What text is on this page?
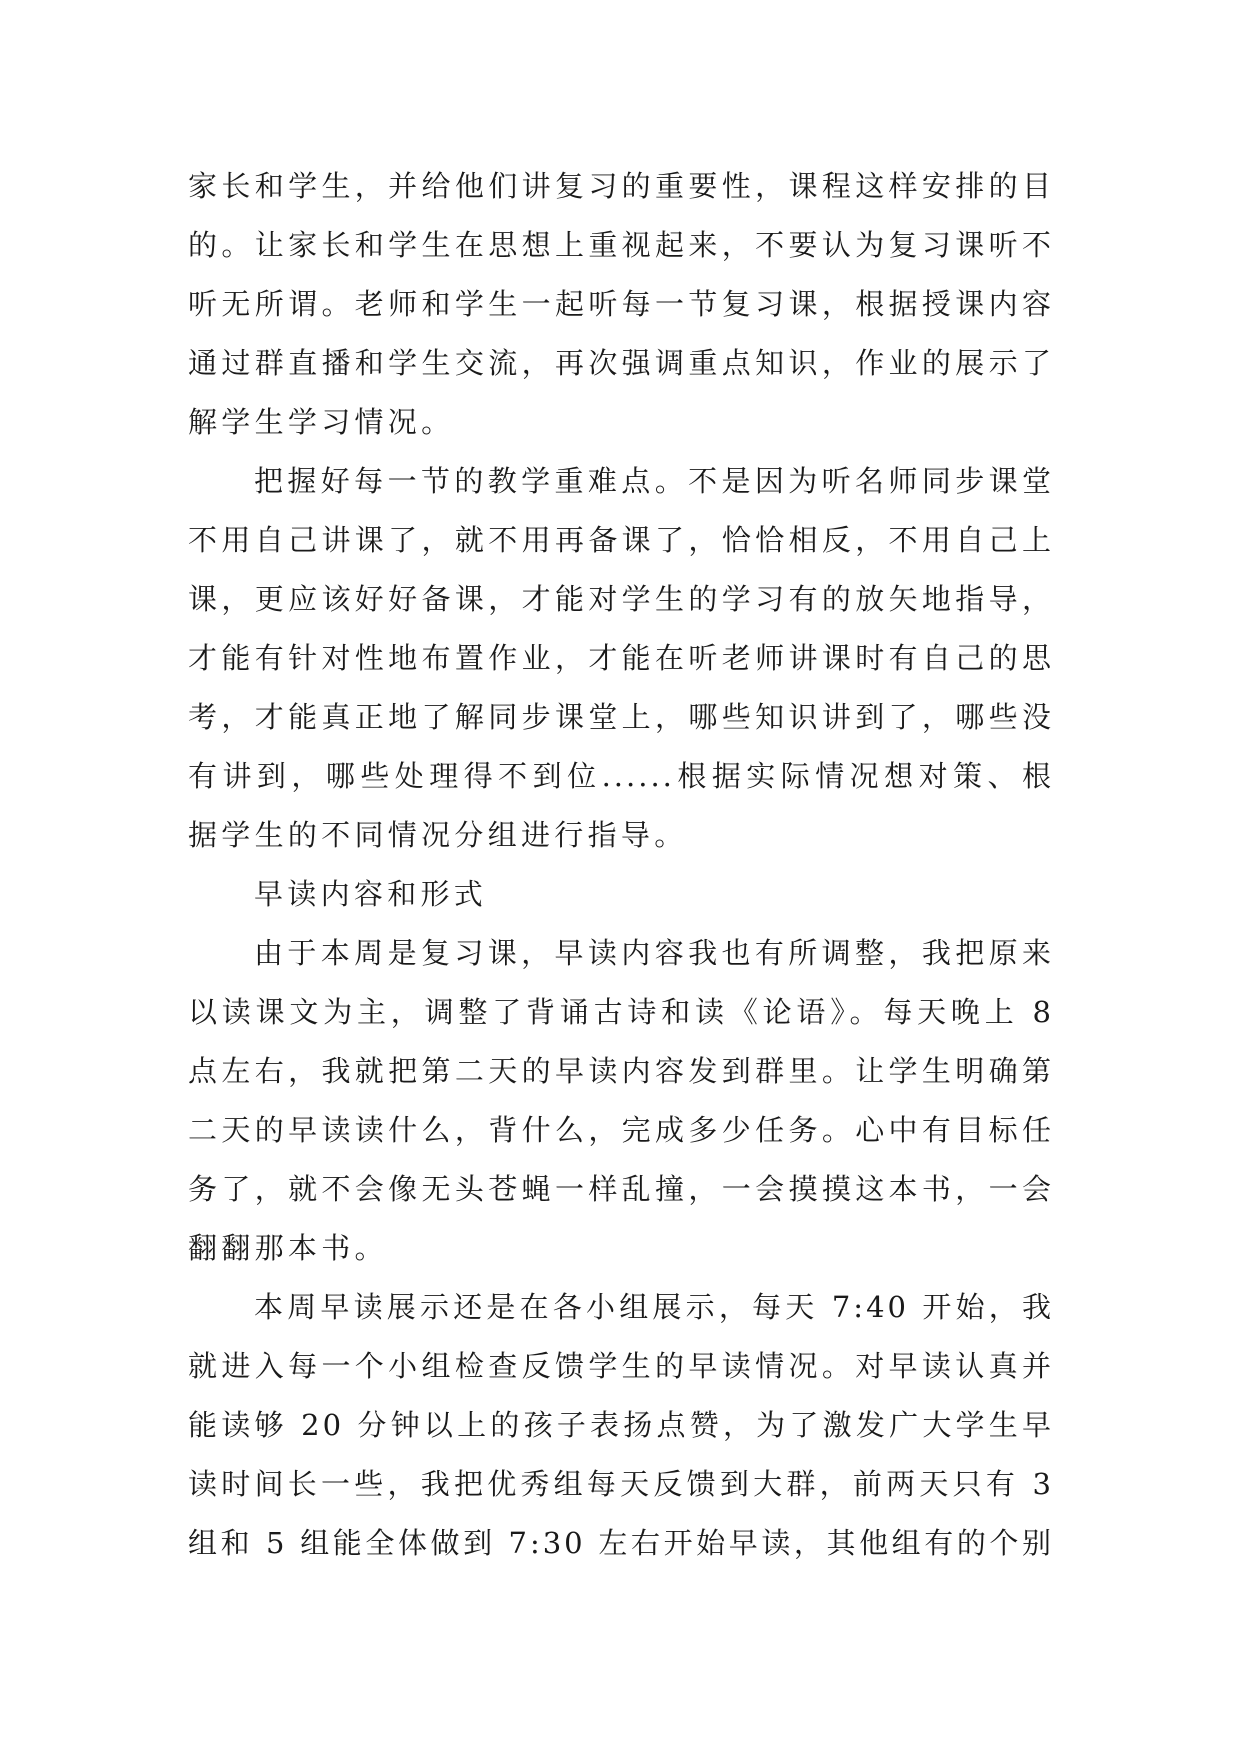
家长和学生，并给他们讲复习的重要性，课程这样安排的目
的。让家长和学生在思想上重视起来，不要认为复习课听不
听无所谓。老师和学生一起听每一节复习课，根据授课内容
通过群直播和学生交流，再次强调重点知识，作业的展示了
解学生学习情况。
把握好每一节的教学重难点。不是因为听名师同步课堂
不用自己讲课了，就不用再备课了，恰恰相反，不用自己上
课，更应该好好备课，才能对学生的学习有的放矢地指导，
才能有针对性地布置作业，才能在听老师讲课时有自己的思
考，才能真正地了解同步课堂上，哪些知识讲到了，哪些没
有讲到，哪些处理得不到位......根据实际情况想对策、根
据学生的不同情况分组进行指导。
早读内容和形式
由于本周是复习课，早读内容我也有所调整，我把原来
以读课文为主，调整了背诵古诗和读《论语》。每天晚上 8
点左右，我就把第二天的早读内容发到群里。让学生明确第
二天的早读读什么，背什么，完成多少任务。心中有目标任
务了，就不会像无头苍蝇一样乱撞，一会摸摸这本书，一会
翻翻那本书。
本周早读展示还是在各小组展示，每天 7:40 开始，我
就进入每一个小组检查反馈学生的早读情况。对早读认真并
能读够 20 分钟以上的孩子表扬点赞，为了激发广大学生早
读时间长一些，我把优秀组每天反馈到大群，前两天只有 3
组和 5 组能全体做到 7:30 左右开始早读，其他组有的个别
